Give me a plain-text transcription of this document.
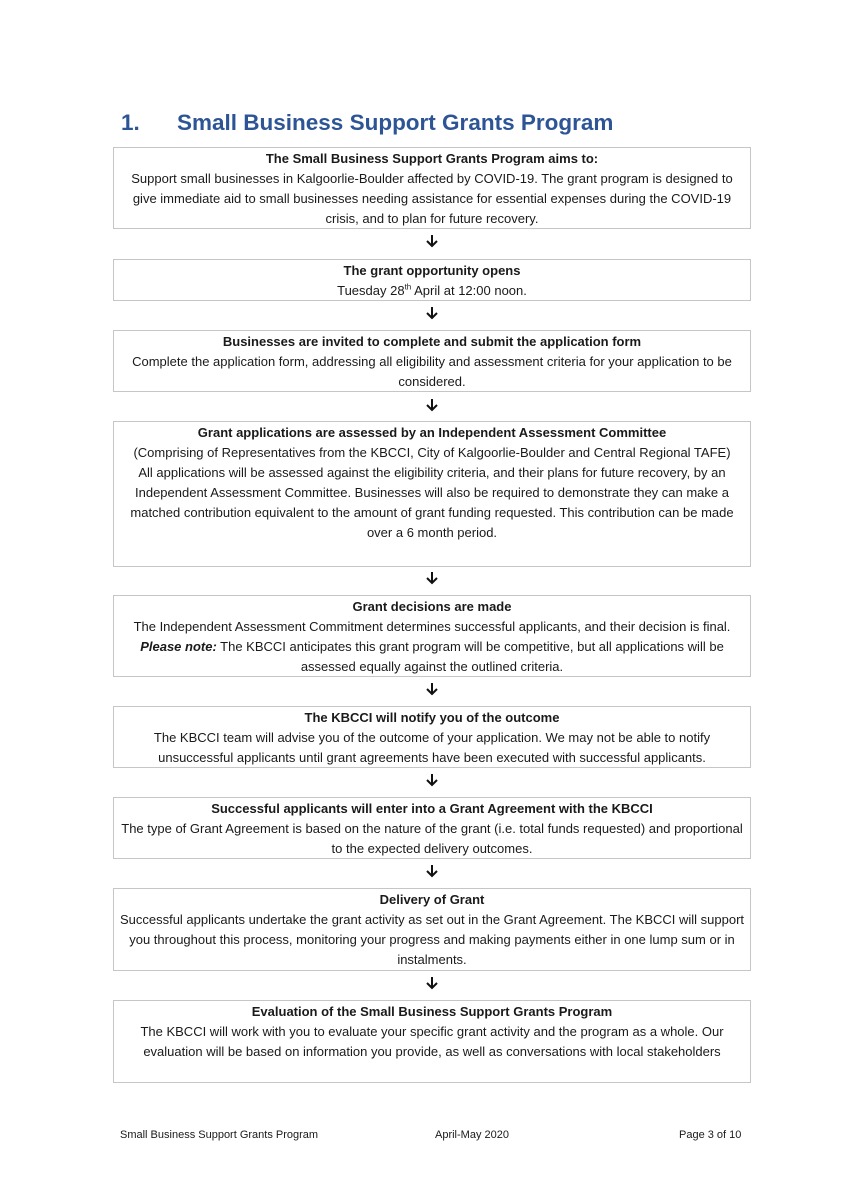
1.	Small Business Support Grants Program
The Small Business Support Grants Program aims to:
Support small businesses in Kalgoorlie-Boulder affected by COVID-19. The grant program is designed to give immediate aid to small businesses needing assistance for essential expenses during the COVID-19 crisis, and to plan for future recovery.
The grant opportunity opens
Tuesday 28th April at 12:00 noon.
Businesses are invited to complete and submit the application form
Complete the application form, addressing all eligibility and assessment criteria for your application to be considered.
Grant applications are assessed by an Independent Assessment Committee
(Comprising of Representatives from the KBCCI, City of Kalgoorlie-Boulder and Central Regional TAFE)
All applications will be assessed against the eligibility criteria, and their plans for future recovery, by an Independent Assessment Committee. Businesses will also be required to demonstrate they can make a matched contribution equivalent to the amount of grant funding requested. This contribution can be made over a 6 month period.
Grant decisions are made
The Independent Assessment Commitment determines successful applicants, and their decision is final. Please note: The KBCCI anticipates this grant program will be competitive, but all applications will be assessed equally against the outlined criteria.
The KBCCI will notify you of the outcome
The KBCCI team will advise you of the outcome of your application. We may not be able to notify unsuccessful applicants until grant agreements have been executed with successful applicants.
Successful applicants will enter into a Grant Agreement with the KBCCI
The type of Grant Agreement is based on the nature of the grant (i.e. total funds requested) and proportional to the expected delivery outcomes.
Delivery of Grant
Successful applicants undertake the grant activity as set out in the Grant Agreement. The KBCCI will support you throughout this process, monitoring your progress and making payments either in one lump sum or in instalments.
Evaluation of the Small Business Support Grants Program
The KBCCI will work with you to evaluate your specific grant activity and the program as a whole. Our evaluation will be based on information you provide, as well as conversations with local stakeholders
Small Business Support Grants Program	April-May 2020	Page 3 of 10
